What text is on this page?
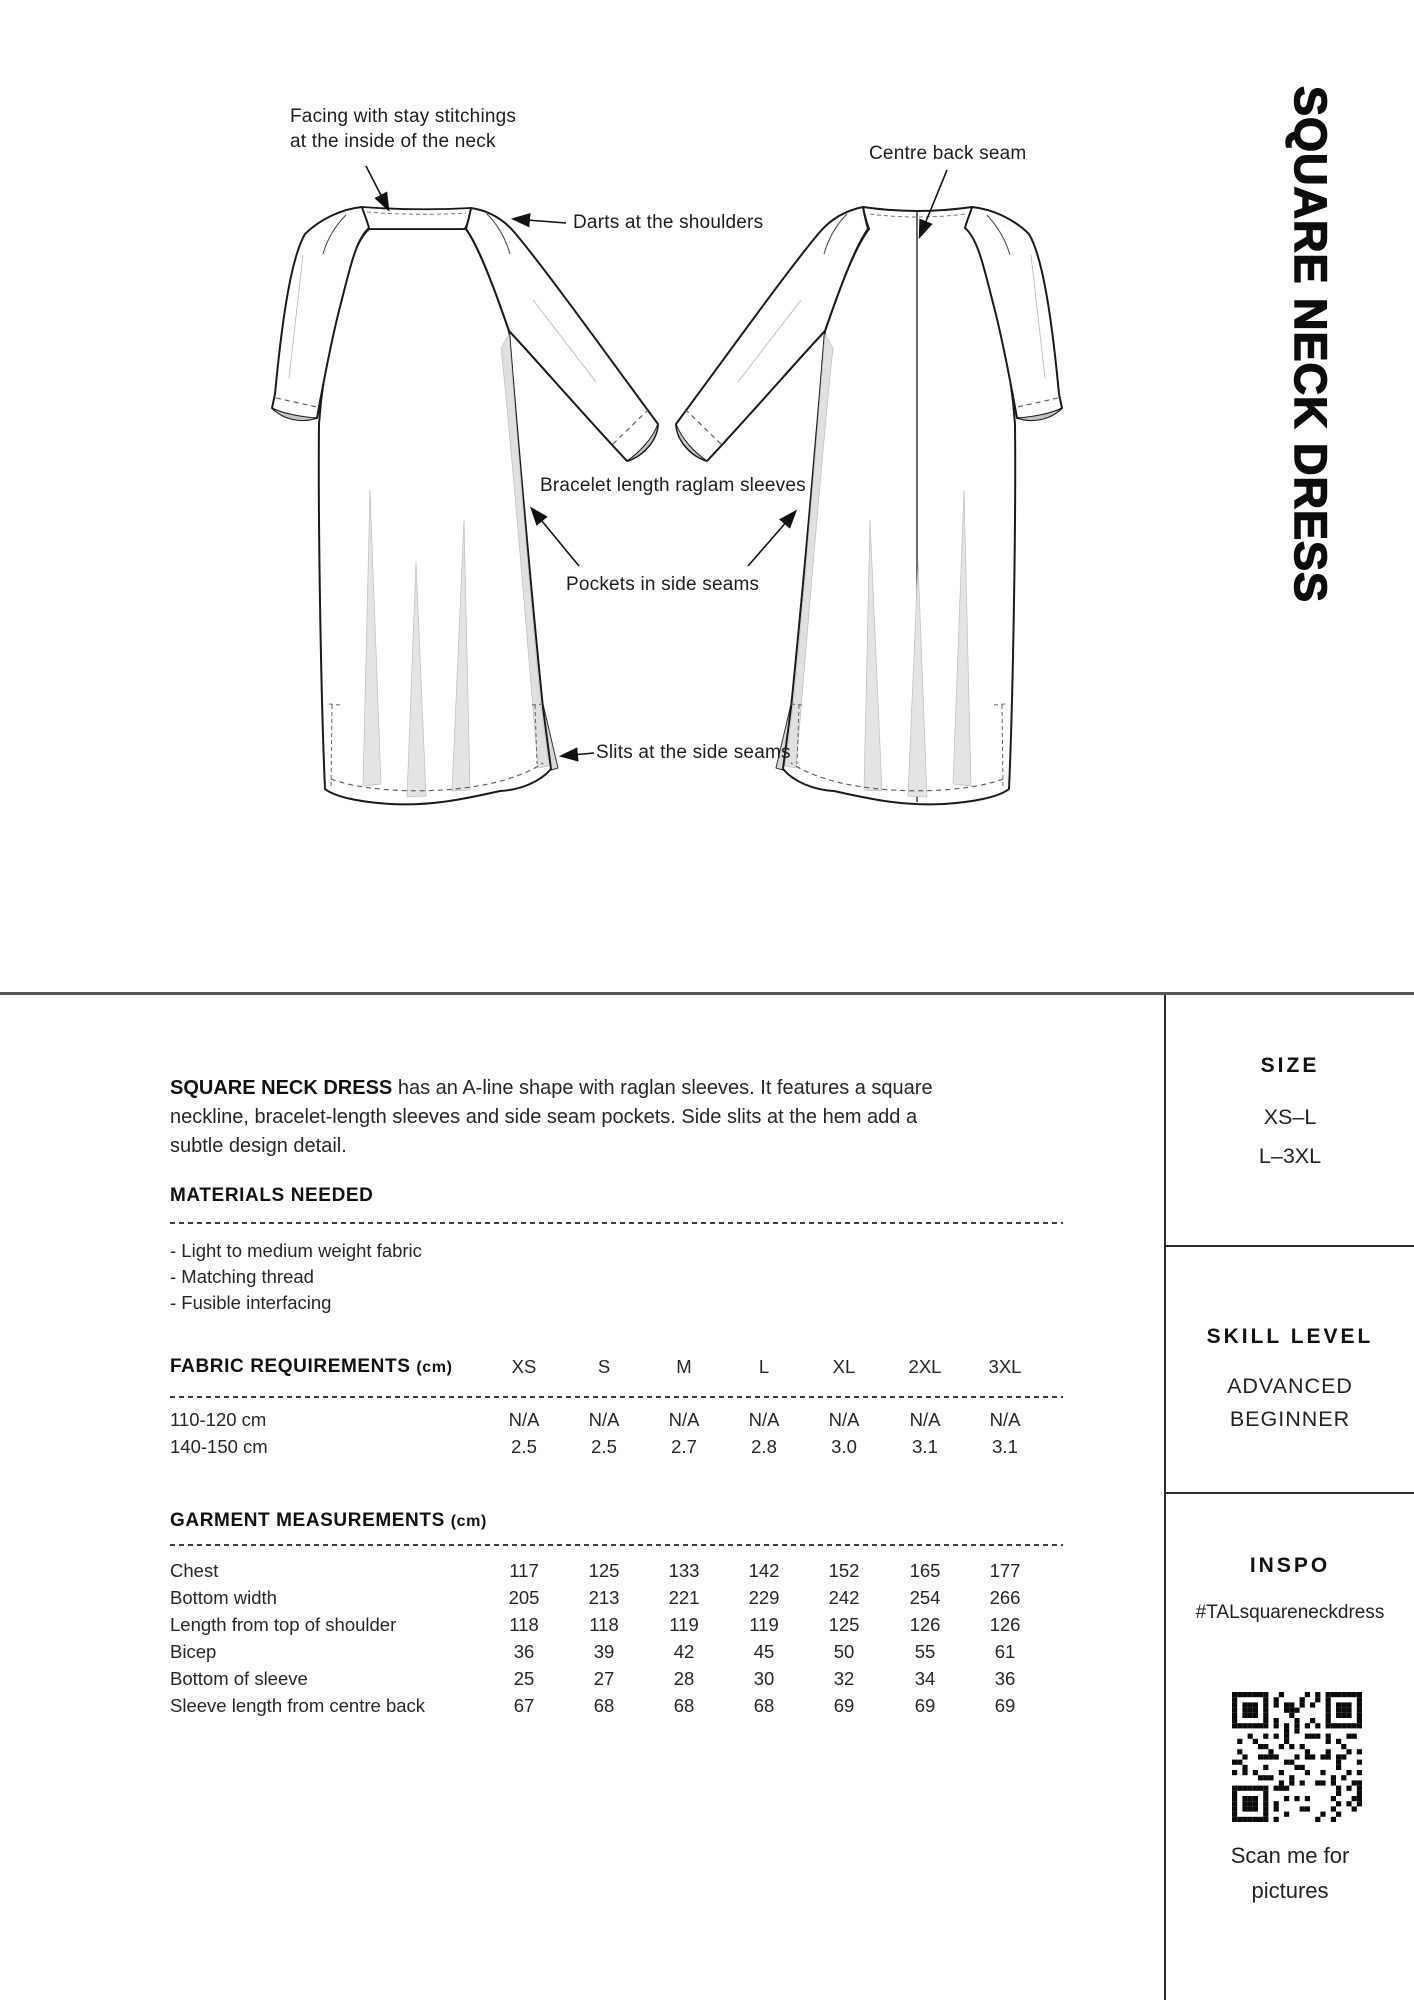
Facing with stay stitchings
at the inside of the neck
Darts at the shoulders
Centre back seam
Bracelet length raglam sleeves
Pockets in side seams
Slits at the side seams
SQUARE NECK DRESS

SQUARE NECK DRESS has an A-line shape with raglan sleeves. It features a square neckline, bracelet-length sleeves and side seam pockets. Side slits at the hem add a subtle design detail.

MATERIALS NEEDED
- Light to medium weight fabric
- Matching thread
- Fusible interfacing
FABRIC REQUIREMENTS (cm)	XS	S	M	L	XL	2XL	3XL
110-120 cm	N/A	N/A	N/A	N/A	N/A	N/A	N/A
140-150 cm	2.5	2.5	2.7	2.8	3.0	3.1	3.1
GARMENT MEASUREMENTS (cm)
Chest	117	125	133	142	152	165	177
Bottom width	205	213	221	229	242	254	266
Length from top of shoulder	118	118	119	119	125	126	126
Bicep	36	39	42	45	50	55	61
Bottom of sleeve	25	27	28	30	32	34	36
Sleeve length from centre back	67	68	68	68	69	69	69
SIZE
XS–L
L–3XL
SKILL LEVEL
ADVANCED
BEGINNER
INSPO
#TALsquareneckdress
Scan me for
pictures
